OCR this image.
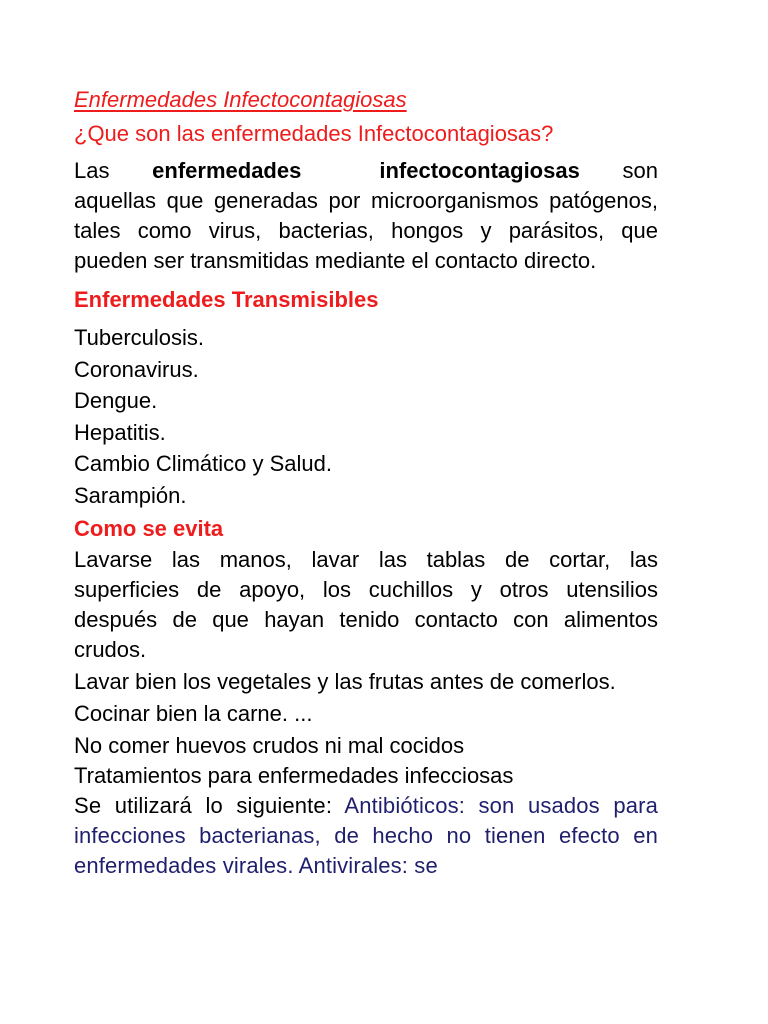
Enfermedades Infectocontagiosas
¿Que son las enfermedades Infectocontagiosas?

Las enfermedades	infectocontagiosas son aquellas que generadas por microorganismos patógenos, tales como virus, bacterias, hongos y parásitos, que pueden ser transmitidas mediante el contacto directo.

Enfermedades Transmisibles
Tuberculosis.
Coronavirus.
Dengue.
Hepatitis.
Cambio Climático y Salud.
Sarampión.
Como se evita

Lavarse las manos, lavar las tablas de cortar, las superficies de apoyo, los cuchillos y otros utensilios después de que hayan tenido contacto con alimentos crudos.

Lavar bien los vegetales y las frutas antes de comerlos.

Cocinar bien la carne. ...

No comer huevos crudos ni mal cocidos

Tratamientos para enfermedades infecciosas

Se utilizará lo siguiente: Antibióticos: son usados para infecciones bacterianas, de hecho no tienen efecto en enfermedades virales. Antivirales: se
